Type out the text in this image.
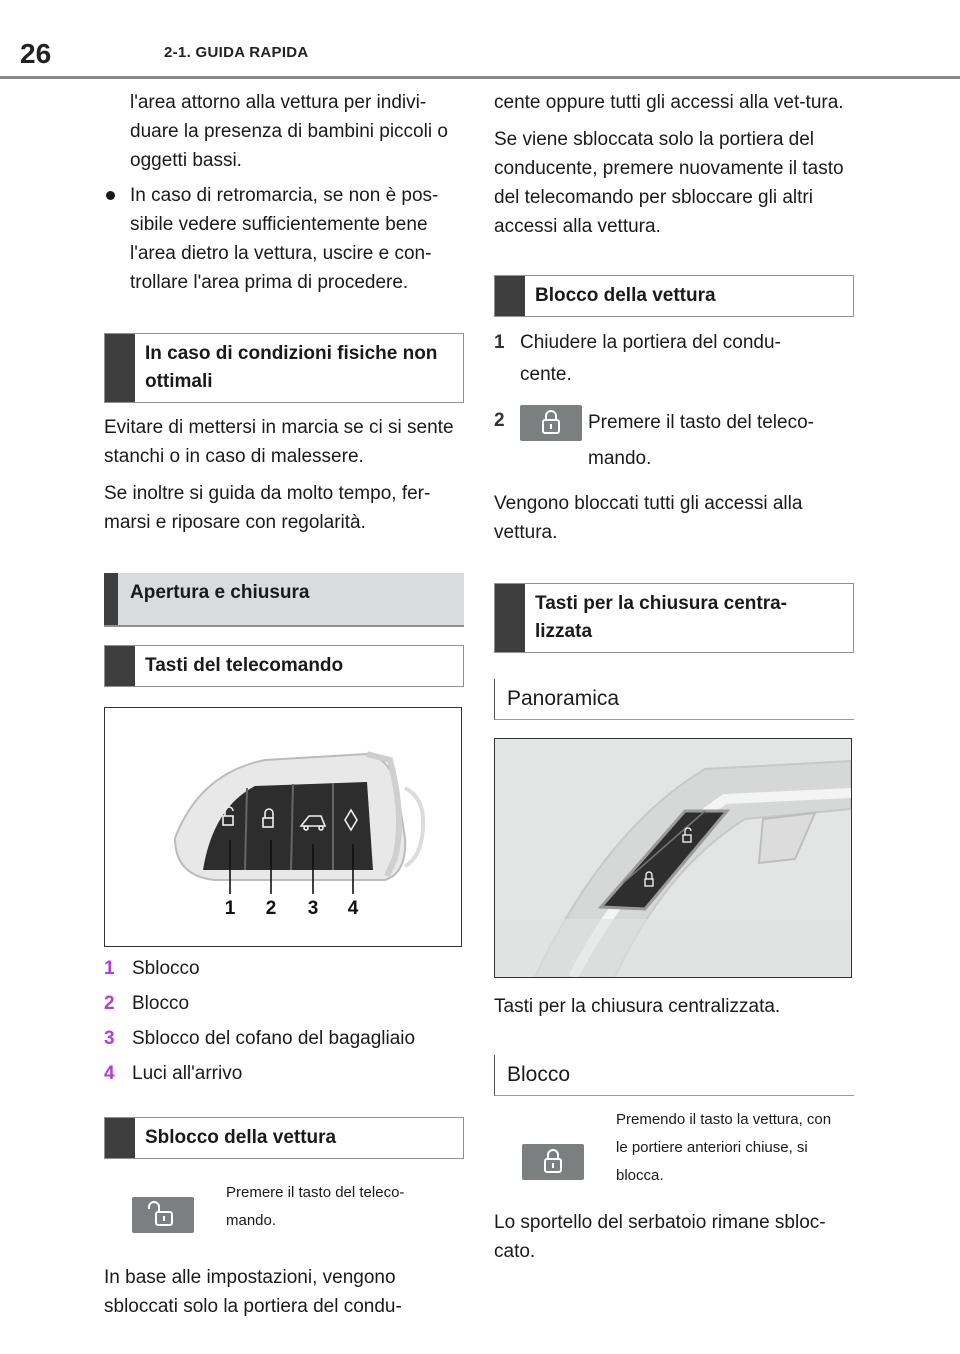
26	2-1. GUIDA RAPIDA

l'area attorno alla vettura per indivi-duare la presenza di bambini piccoli o oggetti bassi.

In caso di retromarcia, se non è pos-sibile vedere sufficientemente bene l'area dietro la vettura, uscire e con-trollare l'area prima di procedere.

In caso di condizioni fisiche non ottimali

Evitare di mettersi in marcia se ci si sente stanchi o in caso di malessere.

Se inoltre si guida da molto tempo, fer-marsi e riposare con regolarità.

Apertura e chiusura
Tasti del telecomando
1 2 3 4
1 Sblocco
2 Blocco
3 Sblocco del cofano del bagagliaio
4 Luci all'arrivo
Sblocco della vettura

Premere il tasto del teleco-mando.

In base alle impostazioni, vengono sbloccati solo la portiera del condu-

cente oppure tutti gli accessi alla vet-tura.

Se viene sbloccata solo la portiera del conducente, premere nuovamente il tasto del telecomando per sbloccare gli altri accessi alla vettura.

Blocco della vettura
1 Chiudere la portiera del condu-cente.
2	Premere il tasto del teleco-mando.

Vengono bloccati tutti gli accessi alla vettura.

Tasti per la chiusura centra-lizzata
Panoramica

Tasti per la chiusura centralizzata.

Blocco

Premendo il tasto la vettura, con le portiere anteriori chiuse, si blocca.

Lo sportello del serbatoio rimane sbloc-cato.
